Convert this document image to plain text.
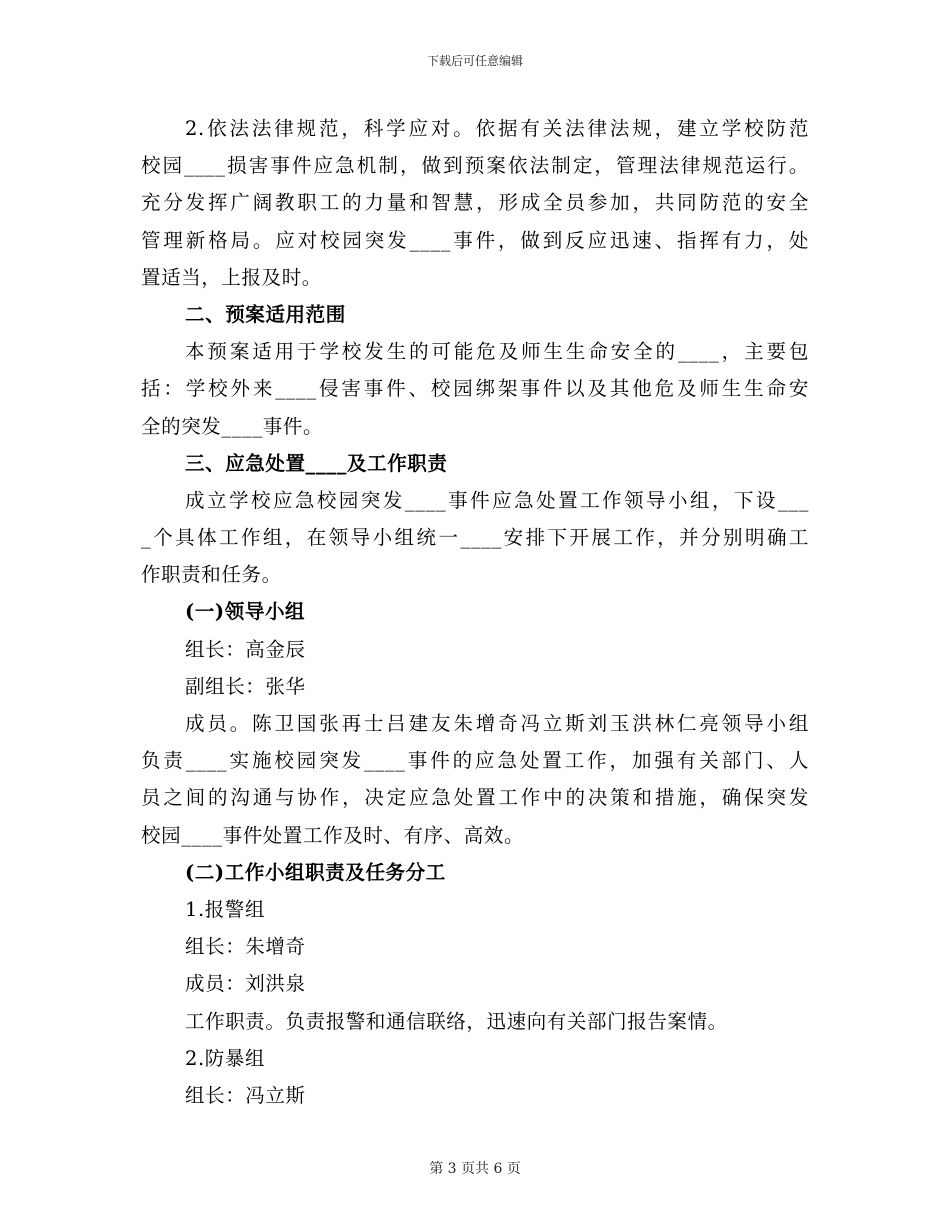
下载后可任意编辑
2.依法法律规范，科学应对。依据有关法律法规，建立学校防范
校园____损害事件应急机制，做到预案依法制定，管理法律规范运行。
充分发挥广阔教职工的力量和智慧，形成全员参加，共同防范的安全
管理新格局。应对校园突发____事件，做到反应迅速、指挥有力，处
置适当，上报及时。
二、预案适用范围
本预案适用于学校发生的可能危及师生生命安全的____，主要包
括：学校外来____侵害事件、校园绑架事件以及其他危及师生生命安
全的突发____事件。
三、应急处置____及工作职责
成立学校应急校园突发____事件应急处置工作领导小组，下设___
_个具体工作组，在领导小组统一____安排下开展工作，并分别明确工
作职责和任务。
(一)领导小组
组长：高金辰
副组长：张华
成员。陈卫国张再士吕建友朱增奇冯立斯刘玉洪林仁亮领导小组
负责____实施校园突发____事件的应急处置工作，加强有关部门、人
员之间的沟通与协作，决定应急处置工作中的决策和措施，确保突发
校园____事件处置工作及时、有序、高效。
(二)工作小组职责及任务分工
1.报警组
组长：朱增奇
成员：刘洪泉
工作职责。负责报警和通信联络，迅速向有关部门报告案情。
2.防暴组
组长：冯立斯
第 3 页共 6 页
